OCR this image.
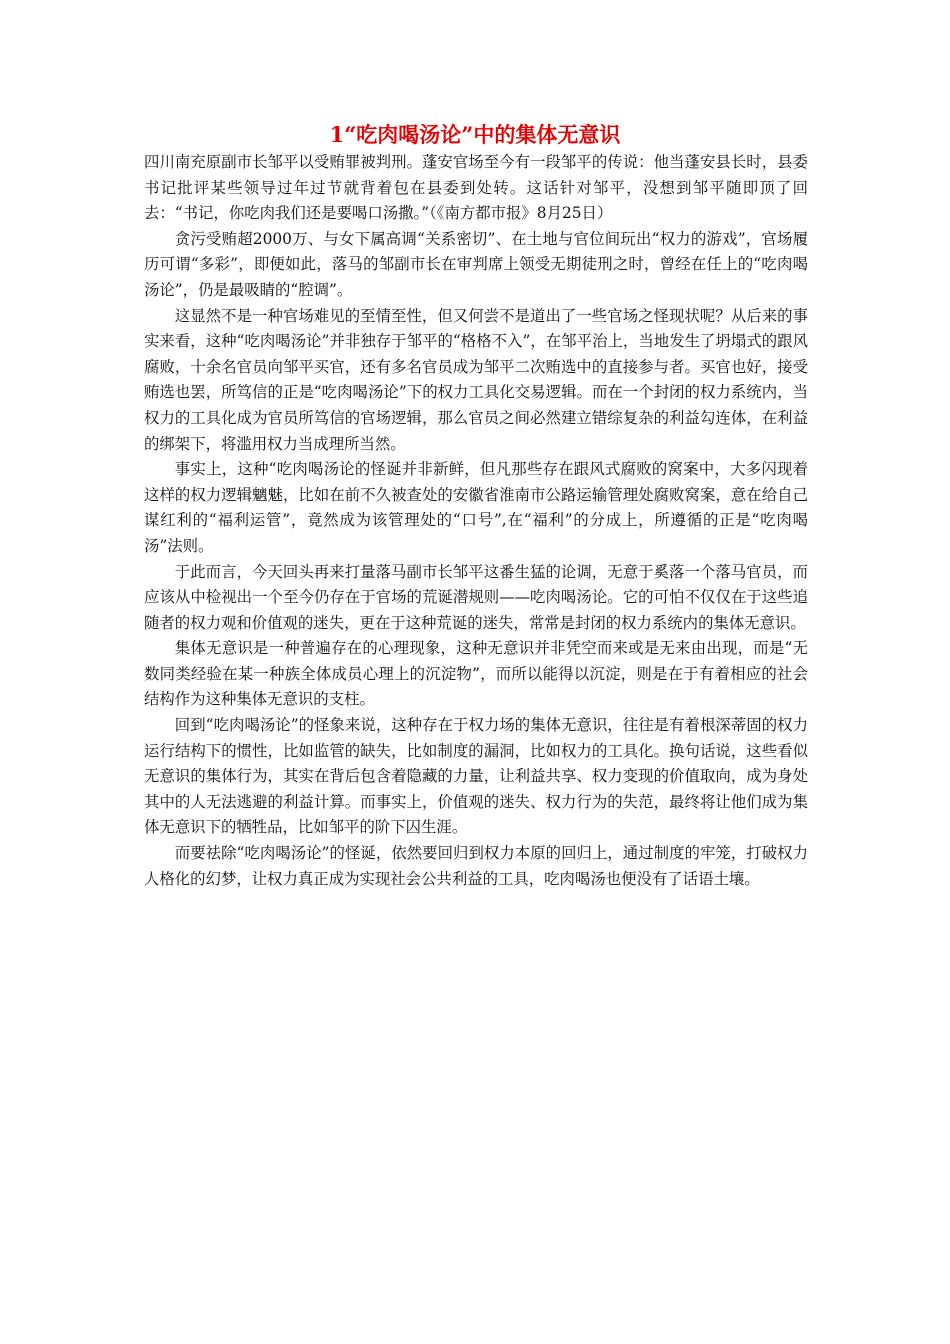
1“吃肉喝汤论”中的集体无意识

四川南充原副市长邹平以受贿罪被判刑。蓬安官场至今有一段邹平的传说：他当蓬安县长时，县委书记批评某些领导过年过节就背着包在县委到处转。这话针对邹平，没想到邹平随即顶了回去：“书记，你吃肉我们还是要喝口汤撒。”（《南方都市报》8月25日）

贪污受贿超2000万、与女下属高调“关系密切”、在土地与官位间玩出“权力的游戏”，官场履历可谓“多彩”，即便如此，落马的邹副市长在审判席上领受无期徒刑之时，曾经在任上的“吃肉喝汤论”，仍是最吸睛的“腔调”。

这显然不是一种官场难见的至情至性，但又何尝不是道出了一些官场之怪现状呢？从后来的事实来看，这种“吃肉喝汤论”并非独存于邹平的“格格不入”，在邹平治上，当地发生了坍塌式的跟风腐败，十余名官员向邹平买官，还有多名官员成为邹平二次贿选中的直接参与者。买官也好，接受贿选也罢，所笃信的正是“吃肉喝汤论”下的权力工具化交易逻辑。而在一个封闭的权力系统内，当权力的工具化成为官员所笃信的官场逻辑，那么官员之间必然建立错综复杂的利益勾连体，在利益的绑架下，将滥用权力当成理所当然。

事实上，这种“吃肉喝汤论的怪诞并非新鲜，但凡那些存在跟风式腐败的窝案中，大多闪现着这样的权力逻辑魑魅，比如在前不久被查处的安徽省淮南市公路运输管理处腐败窝案，意在给自己谋红利的“福利运管”，竟然成为该管理处的“口号”,在“福利”的分成上，所遵循的正是“吃肉喝汤”法则。

于此而言，今天回头再来打量落马副市长邹平这番生猛的论调，无意于奚落一个落马官员，而应该从中检视出一个至今仍存在于官场的荒诞潜规则——吃肉喝汤论。它的可怕不仅仅在于这些追随者的权力观和价值观的迷失，更在于这种荒诞的迷失，常常是封闭的权力系统内的集体无意识。

集体无意识是一种普遍存在的心理现象，这种无意识并非凭空而来或是无来由出现，而是“无数同类经验在某一种族全体成员心理上的沉淀物”，而所以能得以沉淀，则是在于有着相应的社会结构作为这种集体无意识的支柱。

回到“吃肉喝汤论”的怪象来说，这种存在于权力场的集体无意识，往往是有着根深蒂固的权力运行结构下的惯性，比如监管的缺失，比如制度的漏洞，比如权力的工具化。换句话说，这些看似无意识的集体行为，其实在背后包含着隐藏的力量，让利益共享、权力变现的价值取向，成为身处其中的人无法逃避的利益计算。而事实上，价值观的迷失、权力行为的失范，最终将让他们成为集体无意识下的牺牲品，比如邹平的阶下囚生涯。

而要祛除“吃肉喝汤论”的怪诞，依然要回归到权力本原的回归上，通过制度的牢笼，打破权力人格化的幻梦，让权力真正成为实现社会公共利益的工具，吃肉喝汤也便没有了话语土壤。
